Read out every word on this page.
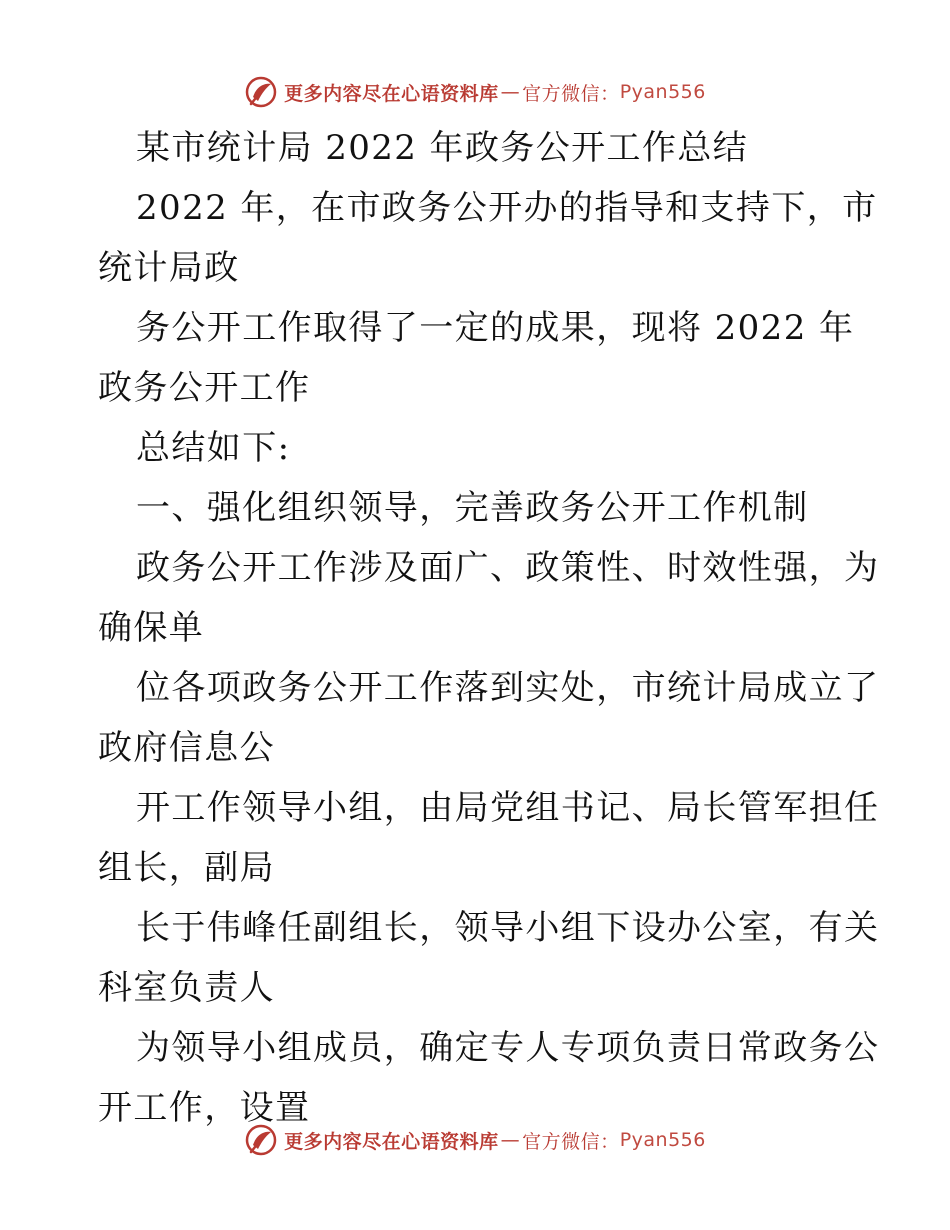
更多内容尽在心语资料库 — 官方微信： Pyan556
某市统计局 2022 年政务公开工作总结
2022 年，在市政务公开办的指导和支持下，市
统计局政
务公开工作取得了一定的成果，现将 2022 年
政务公开工作
总结如下:
一、强化组织领导，完善政务公开工作机制
政务公开工作涉及面广、政策性、时效性强，为
确保单
位各项政务公开工作落到实处，市统计局成立了
政府信息公
开工作领导小组，由局党组书记、局长管军担任
组长，副局
长于伟峰任副组长，领导小组下设办公室，有关
科室负责人
为领导小组成员，确定专人专项负责日常政务公
开工作，设置
更多内容尽在心语资料库 — 官方微信： Pyan556
